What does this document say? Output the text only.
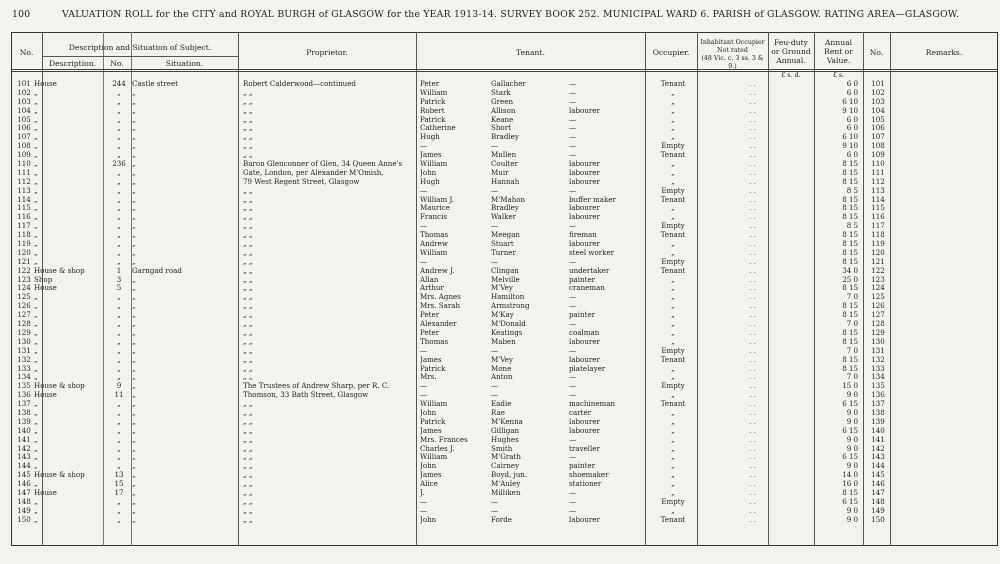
100	VALUATION ROLL for the CITY and ROYAL BURGH of GLASGOW for the YEAR 1913-14. SURVEY BOOK 252. MUNICIPAL WARD 6. PARISH of GLASGOW. RATING AREA—GLASGOW.
No.
Description and Situation of Subject.
Description.	No.	Situation.
Proprietor.	Tenant.	Occupier.
Inhabitant Occupier
Not rated
(48 Vic. c. 3 ss. 3 & 9.)
Feu-duty
or Ground
Annual.
Annual
Rent or
Value.
No.	Remarks.
£ s. d.	£ s.
101 House	244 Castle street	Robert Calderwood—continued	Peter	Gallacher	—	Tenant	. .	6 0	101
102 „	„	„	„ „	William	Stark	—	„	. .	6 0	102
103 „	„	„	„ „	Patrick	Green	—	„	. .	6 10	103
104 „	„	„	„ „	Robert	Allison	labourer	„	. .	9 10	104
105 „	„	„	„ „	Patrick	Keane	—	„	. .	6 0	105
106 „	„	„	„ „	Catherine	Short	—	„	. .	6 0	106
107 „	„	„	„ „	Hugh	Bradley	—	„	. .	6 10	107
108 „	„	„	„ „	—	—	—	Empty	. .	9 10	108
109 „	„	„	„ „	James	Mullen	—	Tenant	. .	6 0	109
110 „	236 „	Baron Glenconner of Glen, 34 Queen Anne's	William	Coulter	labourer	„	. .	8 15	110
111 „	„	„	Gate, London, per Alexander M'Omish,	John	Muir	labourer	„	. .	8 15	111
112 „	„	„	79 West Regent Street, Glasgow	Hugh	Hannah	labourer	„	. .	8 15	112
113 „	„	„	„ „	—	—	—	Empty	. .	8 5	113
114 „	„	„	„ „	William J.	M'Mahon	buffer maker	Tenant	. .	8 15	114
115 „	„	„	„ „	Maurice	Bradley	labourer	„	. .	8 15	115
116 „	„	„	„ „	Francis	Walker	labourer	„	. .	8 15	116
117 „	„	„	„ „	—	—	—	Empty	. .	8 5	117
118 „	„	„	„ „	Thomas	Meegan	fireman	Tenant	. .	8 15	118
119 „	„	„	„ „	Andrew	Stuart	labourer	„	. .	8 15	119
120 „	„	„	„ „	William	Turner	steel worker	„	. .	8 15	120
121 „	„	„	„ „	—	—	—	Empty	. .	8 15	121
122 House & shop	1	Garngad road	„ „	Andrew J.	Clingan	undertaker	Tenant	. .	34 0	122
123 Shop	3	„	„ „	Allan	Melville	painter	„	. .	25 0	123
124 House	5	„	„ „	Arthur	M'Vey	craneman	„	. .	8 15	124
125 „	„	„	„ „	Mrs. Agnes	Hamilton	—	„	. .	7 0	125
126 „	„	„	„ „	Mrs. Sarah	Armstrong	—	„	. .	8 15	126
127 „	„	„	„ „	Peter	M'Kay	painter	„	. .	8 15	127
128 „	„	„	„ „	Alexander	M'Donald	—	„	. .	7 0	128
129 „	„	„	„ „	Peter	Keatings	coalman	„	. .	8 15	129
130 „	„	„	„ „	Thomas	Maben	labourer	„	. .	8 15	130
131 „	„	„	„ „	—	—	—	Empty	. .	7 0	131
132 „	„	„	„ „	James	M'Vey	labourer	Tenant	. .	8 15	132
133 „	„	„	„ „	Patrick	Mone	platelayer	„	. .	8 15	133
134 „	„	„	„ „	Mrs.	Anton	—	„	. .	7 0	134
135 House & shop	9	„	The Trustees of Andrew Sharp, per R. C.	—	—	—	Empty	. .	15 0	135
136 House	11	„	Thomson, 33 Bath Street, Glasgow	—	—	—	„	. .	9 0	136
137 „	„	„	„ „	William	Eadie	machineman	Tenant	. .	6 15	137
138 „	„	„	„ „	John	Rae	carter	„	. .	9 0	138
139 „	„	„	„ „	Patrick	M'Kenna	labourer	„	. .	9 0	139
140 „	„	„	„ „	James	Gilligan	labourer	„	. .	6 15	140
141 „	„	„	„ „	Mrs. Frances	Hughes	—	„	. .	9 0	141
142 „	„	„	„ „	Charles J.	Smith	traveller	„	. .	9 0	142
143 „	„	„	„ „	William	M'Grath	—	„	. .	6 15	143
144 „	„	„	„ „	John	Cairney	painter	„	. .	9 0	144
145 House & shop	13	„	„ „	James	Boyd, jun.	shoemaker	„	. .	14 0	145
146 „	15	„	„ „	Alice	M'Auley	stationer	„	. .	16 0	146
147 House	17	„	„ „	J.	Milliken	—	„	. .	8 15	147
148 „	„	„	„ „	—	—	—	Empty	. .	6 15	148
149 „	„	„	„ „	—	—	—	„	. .	9 0	149
150 „	„	„	„ „	John	Forde	labourer	Tenant	. .	9 0	150
